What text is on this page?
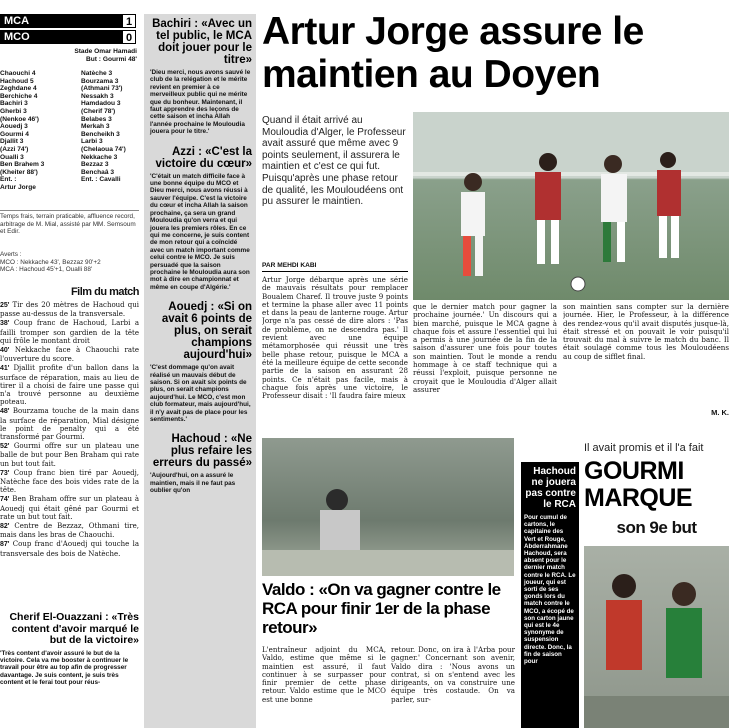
MCA	1
MCO	0
Stade Omar Hamadi
But : Gourmi 48'
Chaouchi 4
Hachoud 5
Zeghdane 4
Berchiche 4
Bachiri 3
Gherbi 3
(Nenkoe 46')
Aouedj 3
Gourmi 4
Djallit 3
(Azzi 74')
Oualli 3
Ben Brahem 3
(Kheiter 88')
Ent. :
Artur Jorge
Natèche 3
Bourzama 3
(Athmani 73')
Nessakh 3
Hamdadou 3
(Cherif 78')
Belabes 3
Merkah 3
Bencheikh 3
Larbi 3
(Chelaoua 74')
Nekkache 3
Bezzaz 3
Benchaâ 3
Ent. : Cavalli
Temps frais, terrain praticable, affluence record, arbitrage de M. Mial, assisté par MM. Semsoum et Edir.
Averts :
MCO : Nekkache 43', Bezzaz 90'+2
MCA : Hachoud 45'+1, Oualli 88'
Film du match

25' Tir des 20 mètres de Hachoud qui passe au-dessus de la transversale.

38' Coup franc de Hachoud, Larbi a failli tromper son gardien de la tête qui frôle le montant droit

40' Nekkache face à Chaouchi rate l'ouverture du score.

41' Djallit profite d'un ballon dans la surface de réparation, mais au lieu de tirer il a choisi de faire une passe qui n'a trouvé personne au deuxième poteau.

48' Bourzama touche de la main dans la surface de réparation, Mial désigne le point de penalty qui a été transformé par Gourmi.

52' Gourmi offre sur un plateau une balle de but pour Ben Braham qui rate un but tout fait.

73' Coup franc bien tiré par Aouedj, Natèche face des bois vides rate de la tête.

74' Ben Braham offre sur un plateau à Aouedj qui était gêné par Gourmi et rate un but tout fait.

82' Centre de Bezzaz, Othmani tire, mais dans les bras de Chaouchi.

87' Coup franc d'Aouedj qui touche la transversale des bois de Natèche.

Cherif El-Ouazzani : «Très content d'avoir marqué le but de la victoire»
'Très content d'avoir assuré le but de la victoire. Cela va me booster à continuer le travail pour être au top afin de progresser davantage. Je suis content, je suis très content et le ferai tout pour réus-
Bachiri : «Avec un tel public, le MCA doit jouer pour le titre»
'Dieu merci, nous avons sauvé le club de la relégation et le mérite revient en premier à ce merveilleux public qui ne mérite que du bonheur. Maintenant, il faut apprendre des leçons de cette saison et incha Allah l'année prochaine le Mouloudia jouera pour le titre.'
Azzi : «C'est la victoire du cœur»
'C'était un match difficile face à une bonne équipe du MCO et Dieu merci, nous avons réussi à sauver l'équipe. C'est la victoire du cœur et incha Allah la saison prochaine, ça sera un grand Mouloudia qu'on verra et qui jouera les premiers rôles. En ce qui me concerne, je suis content de mon retour qui a coïncidé avec un match important comme celui contre le MCO. Je suis persuadé que la saison prochaine le Mouloudia aura son mot à dire en championnat et même en coupe d'Algérie.'
Aouedj : «Si on avait 6 points de plus, on serait champions aujourd'hui»
'C'est dommage qu'on avait réalisé un mauvais début de saison. Si on avait six points de plus, on serait champions aujourd'hui. Le MCO, c'est mon club formateur, mais aujourd'hui, il n'y avait pas de place pour les sentiments.'
Hachoud : «Ne plus refaire les erreurs du passé»
'Aujourd'hui, on a assuré le maintien, mais il ne faut pas oublier qu'on
Artur Jorge assure le maintien au Doyen
Quand il était arrivé au Mouloudia d'Alger, le Professeur avait assuré que même avec 9 points seulement, il assurera le maintien et c'est ce qui fut. Puisqu'après une phase retour de qualité, les Mouloudéens ont pu assurer le maintien.
PAR MEHDI KABI
Artur Jorge débarque après une série de mauvais résultats pour remplacer Boualem Charef. Il trouve juste 9 points et termine la phase aller avec 11 points et dans la peau de lanterne rouge. Artur Jorge n'a pas cessé de dire alors : 'Pas de problème, on ne descendra pas.' Il revient avec une équipe métamorphosée qui réussit une très belle phase retour, puisque le MCA a été la meilleure équipe de cette seconde partie de la saison en assurant 28 points. Ce n'était pas facile, mais à chaque fois après une victoire, le Professeur disait : 'Il faudra faire mieux
que le dernier match pour gagner la prochaine journée.' Un discours qui a bien marché, puisque le MCA gagne à chaque fois et assure l'essentiel qui lui a permis à une journée de la fin de la saison d'assurer une fois pour toutes son maintien. Tout le monde a rendu hommage à ce staff technique qui a réussi l'exploit, puisque personne ne croyait que le Mouloudia d'Alger allait assurer
son maintien sans compter sur la dernière journée. Hier, le Professeur, à la différence des rendez-vous qu'il avait disputés jusque-là, était stressé et on pouvait le voir puisqu'il trouvait du mal à suivre le match du banc. Il était soulagé comme tous les Mouloudéens au coup de sifflet final.
M. K.
Valdo : «On va gagner contre le RCA pour finir 1er de la phase retour»
L'entraîneur adjoint du MCA, Valdo, estime que même si le maintien est assuré, il faut continuer à se surpasser pour finir premier de cette phase retour. Valdo estime que le MCO est une bonne
retour. Donc, on ira à l'Arba pour gagner.' Concernant son avenir, Valdo dira : 'Nous avons un contrat, si on s'entend avec les dirigeants, on va construire une équipe très costaude. On va parler, sur-
Hachoud ne jouera pas contre le RCA
Pour cumul de cartons, le capitaine des Vert et Rouge, Abderrahmane Hachoud, sera absent pour le dernier match contre le RCA. Le joueur, qui est sorti de ses gonds lors du match contre le MCO, a écopé de son carton jaune qui est le 4e synonyme de suspension directe. Donc, la fin de saison pour
Il avait promis et il l'a fait
GOURMI MARQUE
son 9e but
